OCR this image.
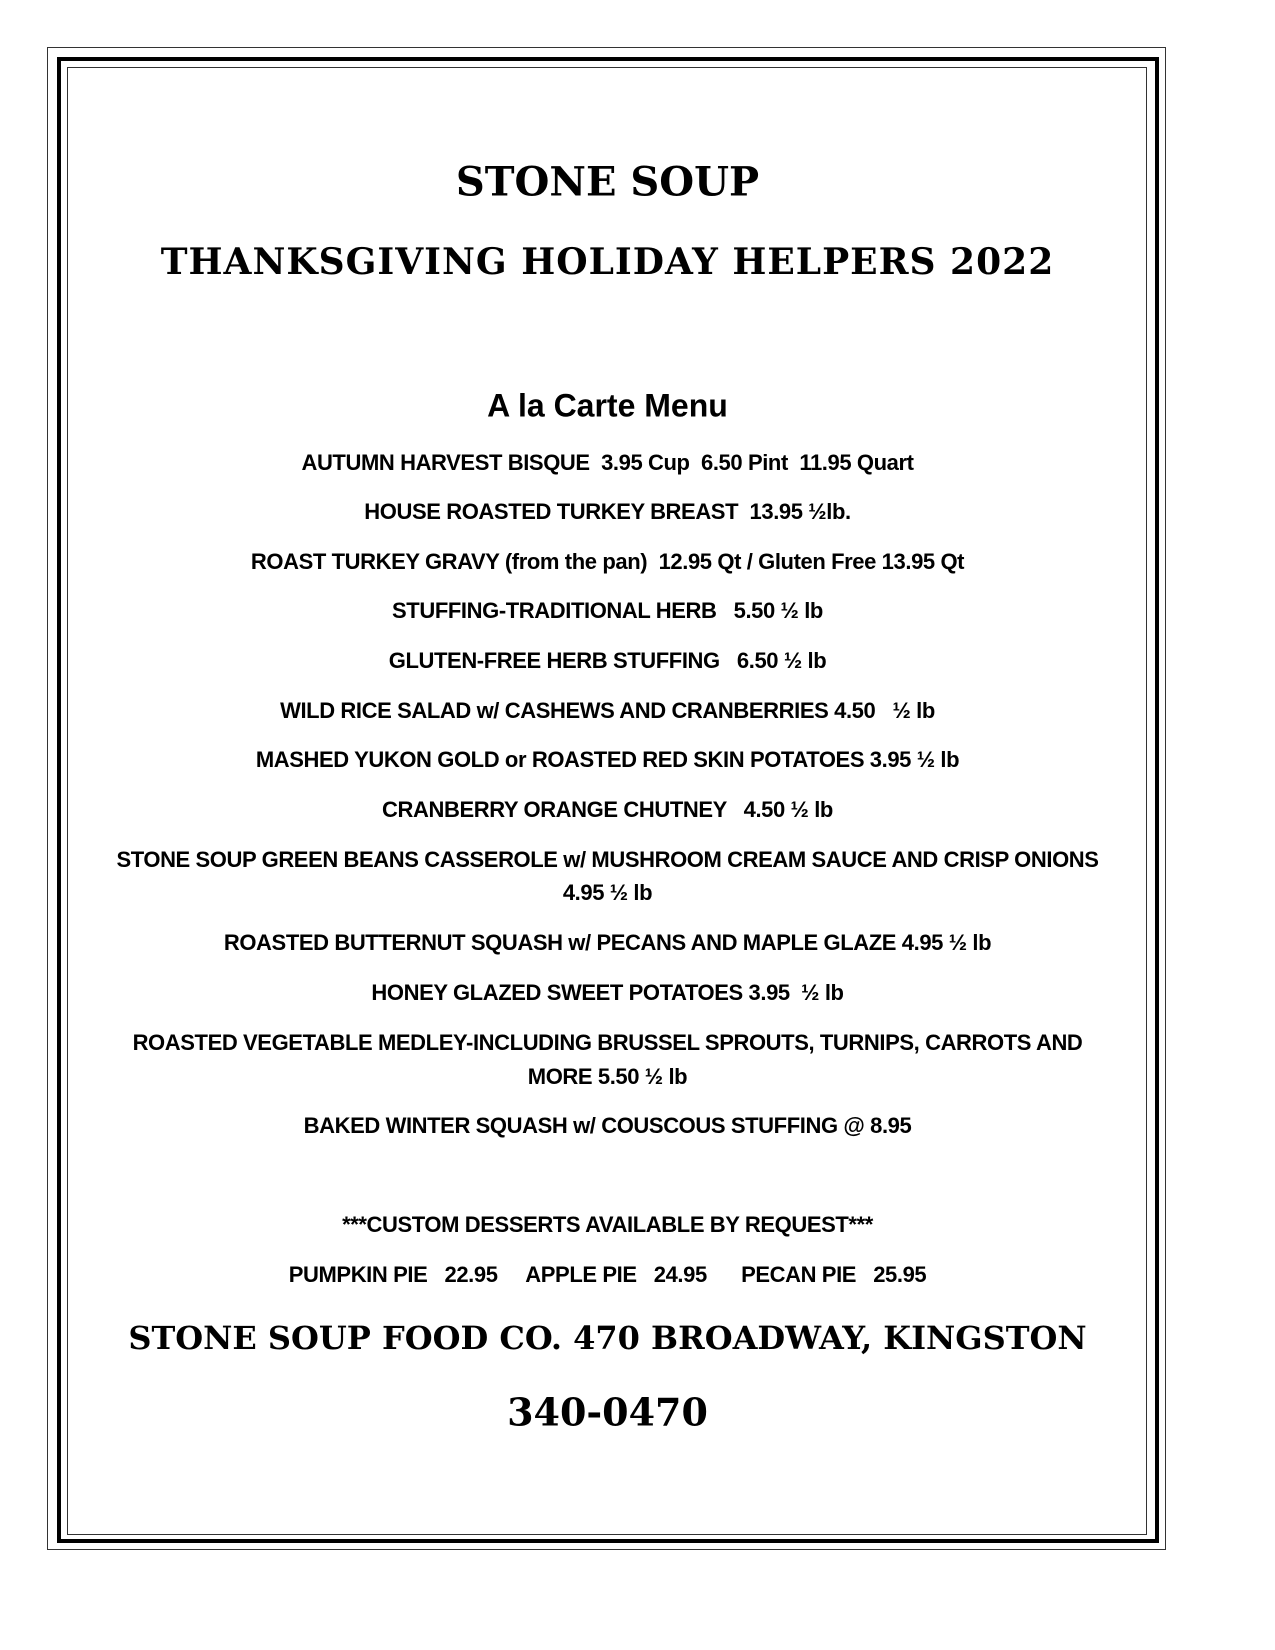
STONE SOUP
THANKSGIVING HOLIDAY HELPERS 2022
A la Carte Menu
AUTUMN HARVEST BISQUE  3.95 Cup  6.50 Pint  11.95 Quart
HOUSE ROASTED TURKEY BREAST  13.95 ½lb.
ROAST TURKEY GRAVY (from the pan)  12.95 Qt / Gluten Free 13.95 Qt
STUFFING-TRADITIONAL HERB   5.50 ½ lb
GLUTEN-FREE HERB STUFFING   6.50 ½ lb
WILD RICE SALAD w/ CASHEWS AND CRANBERRIES 4.50   ½ lb
MASHED YUKON GOLD or ROASTED RED SKIN POTATOES 3.95 ½ lb
CRANBERRY ORANGE CHUTNEY   4.50 ½ lb
STONE SOUP GREEN BEANS CASSEROLE w/ MUSHROOM CREAM SAUCE AND CRISP ONIONS
4.95 ½ lb
ROASTED BUTTERNUT SQUASH w/ PECANS AND MAPLE GLAZE 4.95 ½ lb
HONEY GLAZED SWEET POTATOES 3.95  ½ lb
ROASTED VEGETABLE MEDLEY-INCLUDING BRUSSEL SPROUTS, TURNIPS, CARROTS AND
MORE 5.50 ½ lb
BAKED WINTER SQUASH w/ COUSCOUS STUFFING @ 8.95
***CUSTOM DESSERTS AVAILABLE BY REQUEST***
PUMPKIN PIE   22.95     APPLE PIE   24.95      PECAN PIE   25.95
STONE SOUP FOOD CO. 470 BROADWAY, KINGSTON
340-0470
